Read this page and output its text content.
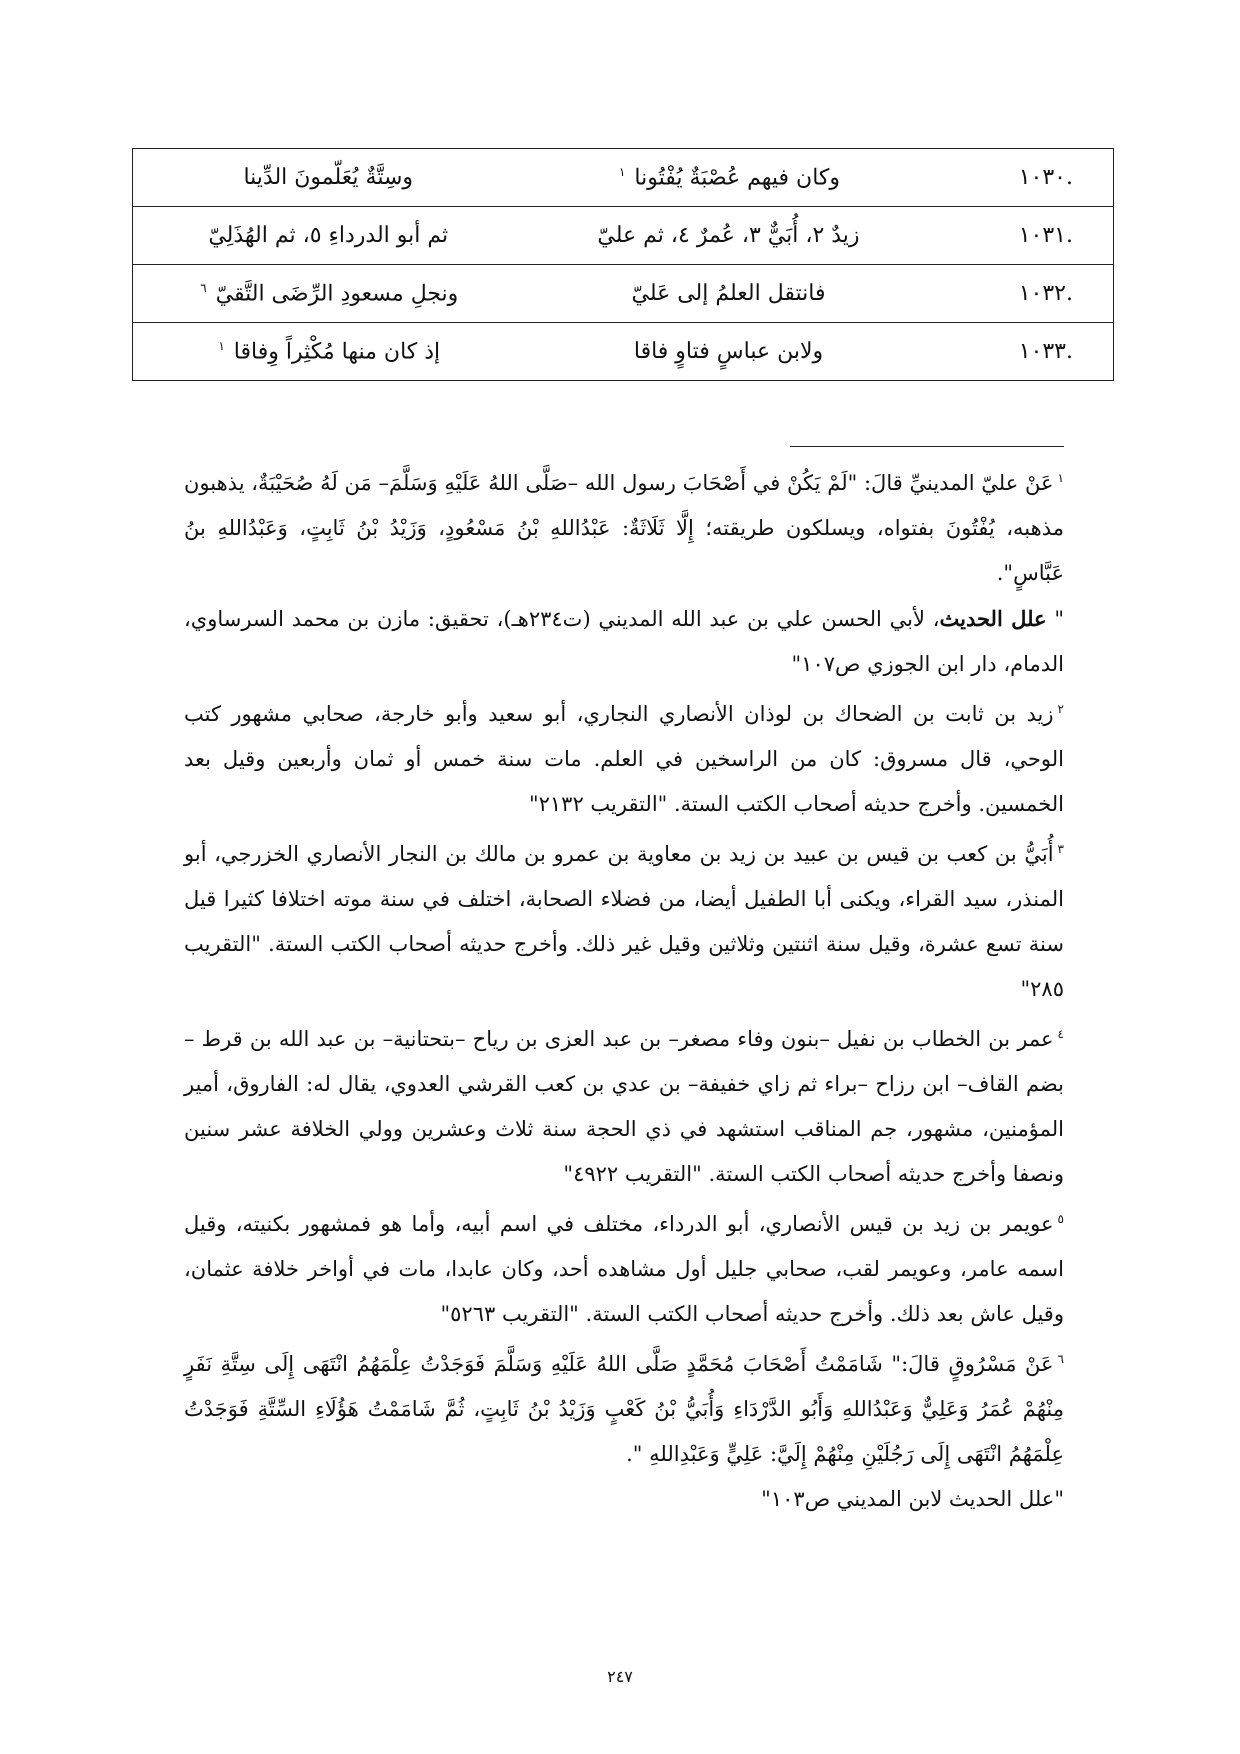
.١٠٣٠	وكان فيهم عُصْبَةٌ يُفْتُونا $^١$	وسِتَّةٌ يُعَلّمونَ الدِّينا
.١٠٣١	زيدٌ ٢، أُبَيٌّ ٣، عُمرٌ ٤، ثم عليّ	ثم أبو الدرداءِ ٥، ثم الهُذَلِيّ
.١٠٣٢	فانتقل العلمُ إلى عَليّ	ونجلِ مسعودِ الرِّضَى التَّقيّ $^٦$
.١٠٣٣	ولابن عباسٍ فتاوٍ فاقا	إذ كان منها مُكْثِراً وِفاقا $^١$

$^١$عَنْ عليّ المدينيِّ قالَ: "لَمْ يَكُنْ في أَصْحَابَ رسول الله –صَلَّى اللهُ عَلَيْهِ وَسَلَّمَ– مَن لَهُ صُحَيْبَةٌ، يذهبون مذهبه، يُفْتُونَ بفتواه، ويسلكون طريقته؛ إِلَّا ثَلَاثَةٌ: عَبْدُاللهِ بْنُ مَسْعُودٍ، وَزَيْدُ بْنُ ثَابِتٍ، وَعَبْدُاللهِ بنُ عَبَّاسٍ".
" علل الحديث، لأبي الحسن علي بن عبد الله المديني (ت٢٣٤هـ)، تحقيق: مازن بن محمد السرساوي، الدمام، دار ابن الجوزي ص١٠٧"

$^٢$زيد بن ثابت بن الضحاك بن لوذان الأنصاري النجاري، أبو سعيد وأبو خارجة، صحابي مشهور كتب الوحي، قال مسروق: كان من الراسخين في العلم. مات سنة خمس أو ثمان وأربعين وقيل بعد الخمسين. وأخرج حديثه أصحاب الكتب الستة. "التقريب ٢١٣٢"

$^٣$أُبَيُّ بن كعب بن قيس بن عبيد بن زيد بن معاوية بن عمرو بن مالك بن النجار الأنصاري الخزرجي، أبو المنذر، سيد القراء، ويكنى أبا الطفيل أيضا، من فضلاء الصحابة، اختلف في سنة موته اختلافا كثيرا قيل سنة تسع عشرة، وقيل سنة اثنتين وثلاثين وقيل غير ذلك. وأخرج حديثه أصحاب الكتب الستة. "التقريب ٢٨٥"

$^٤$عمر بن الخطاب بن نفيل –بنون وفاء مصغر– بن عبد العزى بن رياح –بتحتانية– بن عبد الله بن قرط –بضم القاف– ابن رزاح –براء ثم زاي خفيفة– بن عدي بن كعب القرشي العدوي، يقال له: الفاروق، أمير المؤمنين، مشهور، جم المناقب استشهد في ذي الحجة سنة ثلاث وعشرين وولي الخلافة عشر سنين ونصفا وأخرج حديثه أصحاب الكتب الستة. "التقريب ٤٩٢٢"

$^٥$عويمر بن زيد بن قيس الأنصاري، أبو الدرداء، مختلف في اسم أبيه، وأما هو فمشهور بكنيته، وقيل اسمه عامر، وعويمر لقب، صحابي جليل أول مشاهده أحد، وكان عابدا، مات في أواخر خلافة عثمان، وقيل عاش بعد ذلك. وأخرج حديثه أصحاب الكتب الستة. "التقريب ٥٢٦٣"

$^٦$عَنْ مَسْرُوقٍ قالَ:" شَامَمْتُ أَصْحَابَ مُحَمَّدٍ صَلَّى اللهُ عَلَيْهِ وَسَلَّمَ فَوَجَدْتُ عِلْمَهُمُ انْتَهَى إِلَى سِتَّةِ نَفَرٍ مِنْهُمْ عُمَرُ وَعَلِيٌّ وَعَبْدُاللهِ وَأَبُو الدَّرْدَاءِ وَأُبَيُّ بْنُ كَعْبٍ وَزَيْدُ بْنُ ثَابِتٍ، ثُمَّ شَامَمْتُ هَؤُلَاءِ السِّتَّةِ فَوَجَدْتُ عِلْمَهُمُ انْتَهَى إِلَى رَجُلَيْنِ مِنْهُمْ إِلَيَّ: عَلِيٍّ وَعَبْدِاللهِ ".
"علل الحديث لابن المديني ص١٠٣"

٢٤٧
